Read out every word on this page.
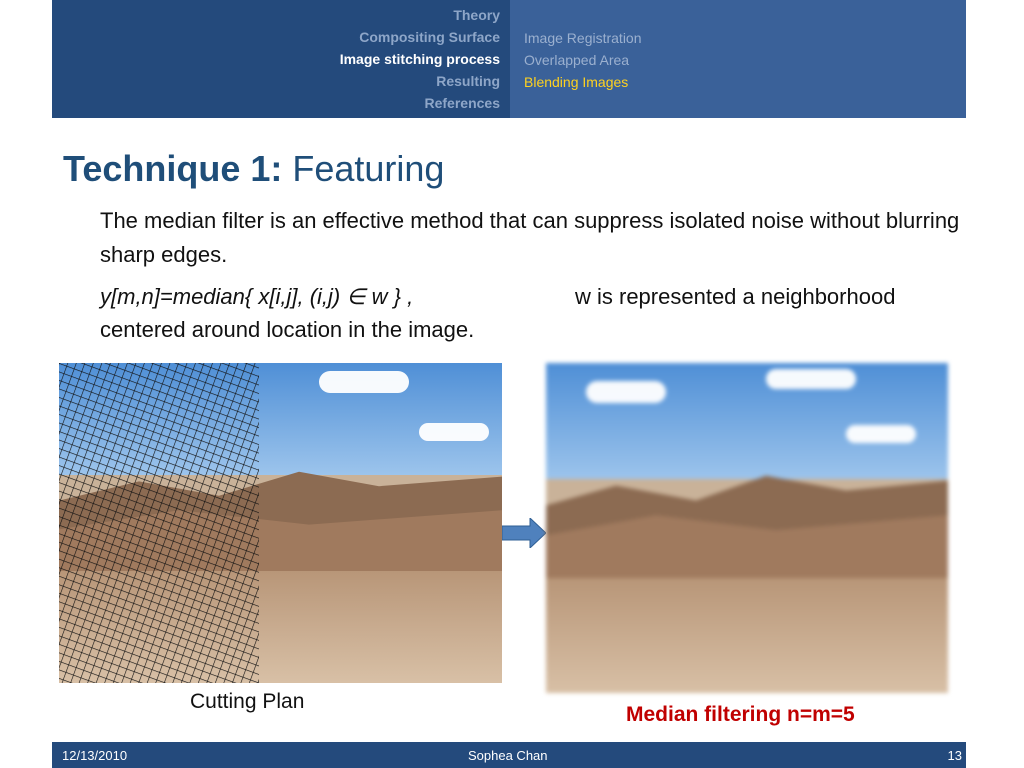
Theory
Compositing Surface
Image stitching process
Resulting
References
Image Registration
Overlapped Area
Blending Images
Technique 1: Featuring
The median filter is an effective method that can suppress isolated noise without blurring sharp edges.
y[m,n]=median{ x[i,j], (i,j) ∈ w } ,	w is represented a neighborhood
centered around location in the image.
Cutting Plan
Median filtering n=m=5
12/13/2010	Sophea Chan	13
